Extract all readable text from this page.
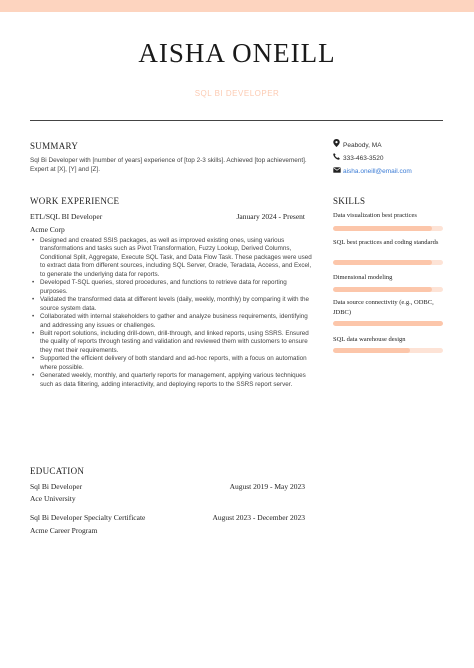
AISHA ONEILL
SQL BI DEVELOPER
SUMMARY
Sql Bi Developer with [number of years] experience of [top 2-3 skills]. Achieved [top achievement]. Expert at [X], [Y] and [Z].
Peabody, MA
333-463-3520
aisha.oneill@email.com
WORK EXPERIENCE
ETL/SQL BI Developer	January 2024 - Present
Acme Corp
• Designed and created SSIS packages, as well as improved existing ones, using various transformations and tasks such as Pivot Transformation, Fuzzy Lookup, Derived Columns, Conditional Split, Aggregate, Execute SQL Task, and Data Flow Task. These packages were used to extract data from different sources, including SQL Server, Oracle, Teradata, Access, and Excel, to generate the underlying data for reports.
• Developed T-SQL queries, stored procedures, and functions to retrieve data for reporting purposes.
• Validated the transformed data at different levels (daily, weekly, monthly) by comparing it with the source system data.
• Collaborated with internal stakeholders to gather and analyze business requirements, identifying and addressing any issues or challenges.
• Built report solutions, including drill-down, drill-through, and linked reports, using SSRS. Ensured the quality of reports through testing and validation and reviewed them with customers to ensure they met their requirements.
• Supported the efficient delivery of both standard and ad-hoc reports, with a focus on automation where possible.
• Generated weekly, monthly, and quarterly reports for management, applying various techniques such as data filtering, adding interactivity, and deploying reports to the SSRS report server.
EDUCATION
Sql Bi Developer	August 2019 - May 2023
Ace University
Sql Bi Developer Specialty Certificate	August 2023 - December 2023
Acme Career Program
SKILLS
Data visualization best practices
SQL best practices and coding standards
Dimensional modeling
Data source connectivity (e.g., ODBC, JDBC)
SQL data warehouse design
